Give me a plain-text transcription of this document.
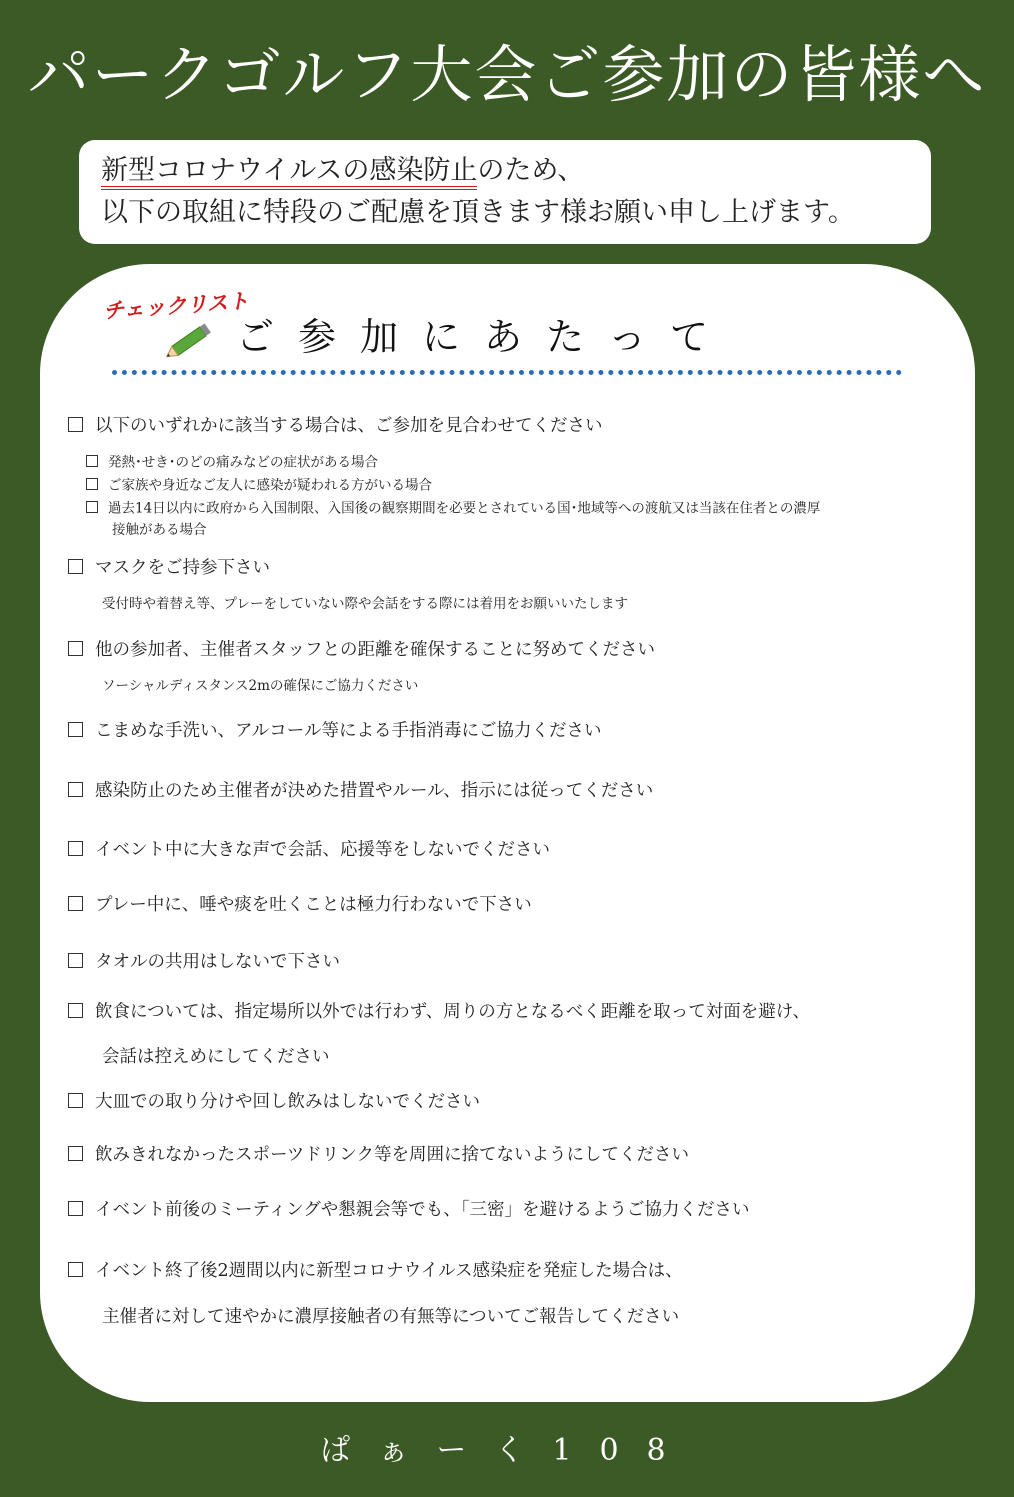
パークゴルフ大会ご参加の皆様へ
新型コロナウイルスの感染防止のため、
以下の取組に特段のご配慮を頂きます様お願い申し上げます。
チェックリスト
ご参加にあたって
以下のいずれかに該当する場合は、ご参加を見合わせてください
発熱･せき･のどの痛みなどの症状がある場合
ご家族や身近なご友人に感染が疑われる方がいる場合
過去14日以内に政府から入国制限、入国後の観察期間を必要とされている国･地域等への渡航又は当該在住者との濃厚
接触がある場合
マスクをご持参下さい
受付時や着替え等、プレーをしていない際や会話をする際には着用をお願いいたします
他の参加者、主催者スタッフとの距離を確保することに努めてください
ソーシャルディスタンス2mの確保にご協力ください
こまめな手洗い、アルコール等による手指消毒にご協力ください
感染防止のため主催者が決めた措置やルール、指示には従ってください
イベント中に大きな声で会話、応援等をしないでください
プレー中に、唾や痰を吐くことは極力行わないで下さい
タオルの共用はしないで下さい
飲食については、指定場所以外では行わず、周りの方となるべく距離を取って対面を避け、
会話は控えめにしてください
大皿での取り分けや回し飲みはしないでください
飲みきれなかったスポーツドリンク等を周囲に捨てないようにしてください
イベント前後のミーティングや懇親会等でも、「三密」を避けるようご協力ください
イベント終了後2週間以内に新型コロナウイルス感染症を発症した場合は、
主催者に対して速やかに濃厚接触者の有無等についてご報告してください
ぱぁーく108
